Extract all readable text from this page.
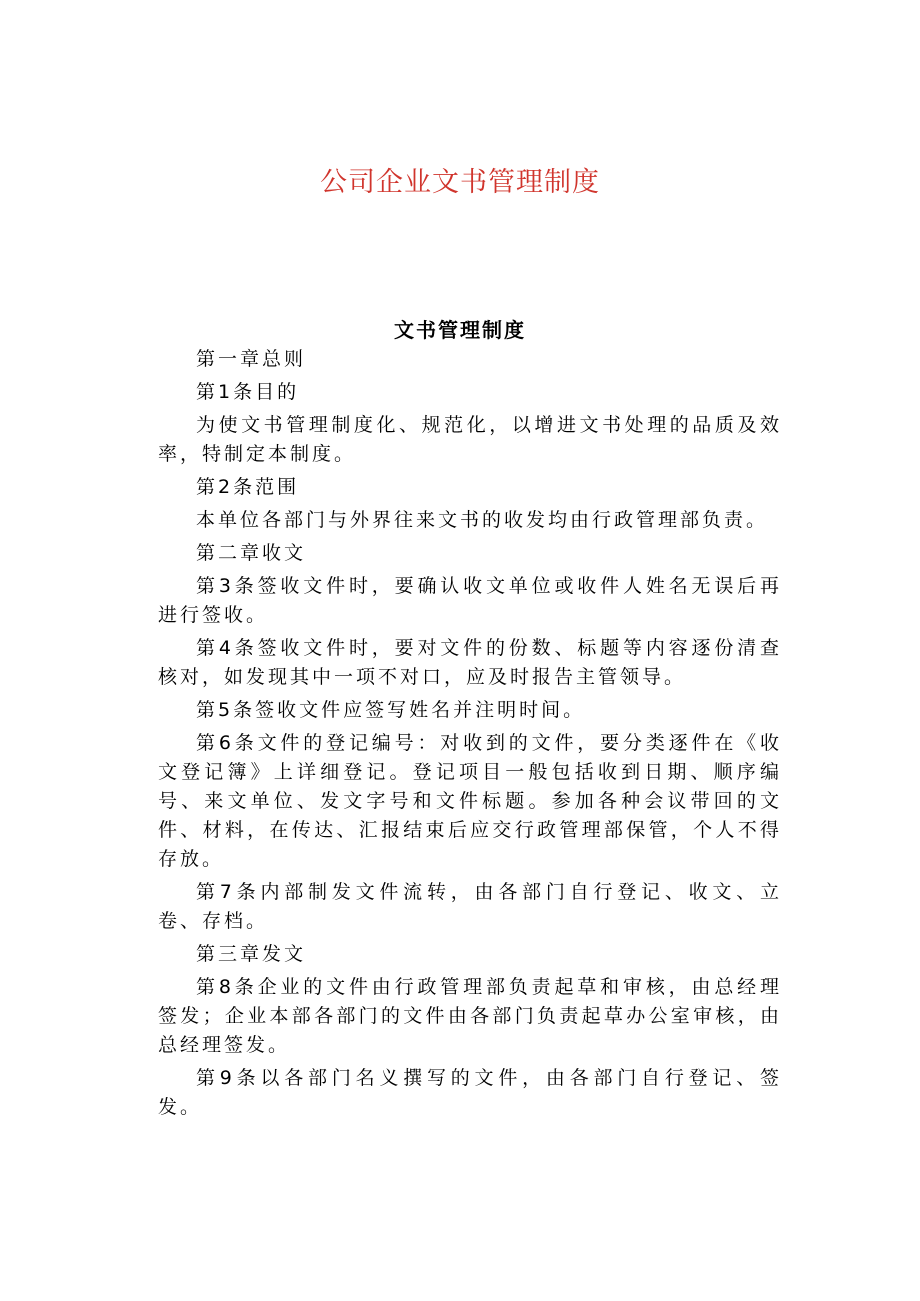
公司企业文书管理制度
文书管理制度

第一章总则

第1条目的

为使文书管理制度化、规范化，以增进文书处理的品质及效率，特制定本制度。

第2条范围

本单位各部门与外界往来文书的收发均由行政管理部负责。

第二章收文

第3条签收文件时，要确认收文单位或收件人姓名无误后再进行签收。

第4条签收文件时，要对文件的份数、标题等内容逐份清查核对，如发现其中一项不对口，应及时报告主管领导。

第5条签收文件应签写姓名并注明时间。

第6条文件的登记编号：对收到的文件，要分类逐件在《收文登记簿》上详细登记。登记项目一般包括收到日期、顺序编号、来文单位、发文字号和文件标题。参加各种会议带回的文件、材料，在传达、汇报结束后应交行政管理部保管，个人不得存放。

第7条内部制发文件流转，由各部门自行登记、收文、立卷、存档。

第三章发文

第8条企业的文件由行政管理部负责起草和审核，由总经理签发；企业本部各部门的文件由各部门负责起草办公室审核，由总经理签发。

第9条以各部门名义撰写的文件，由各部门自行登记、签发。
